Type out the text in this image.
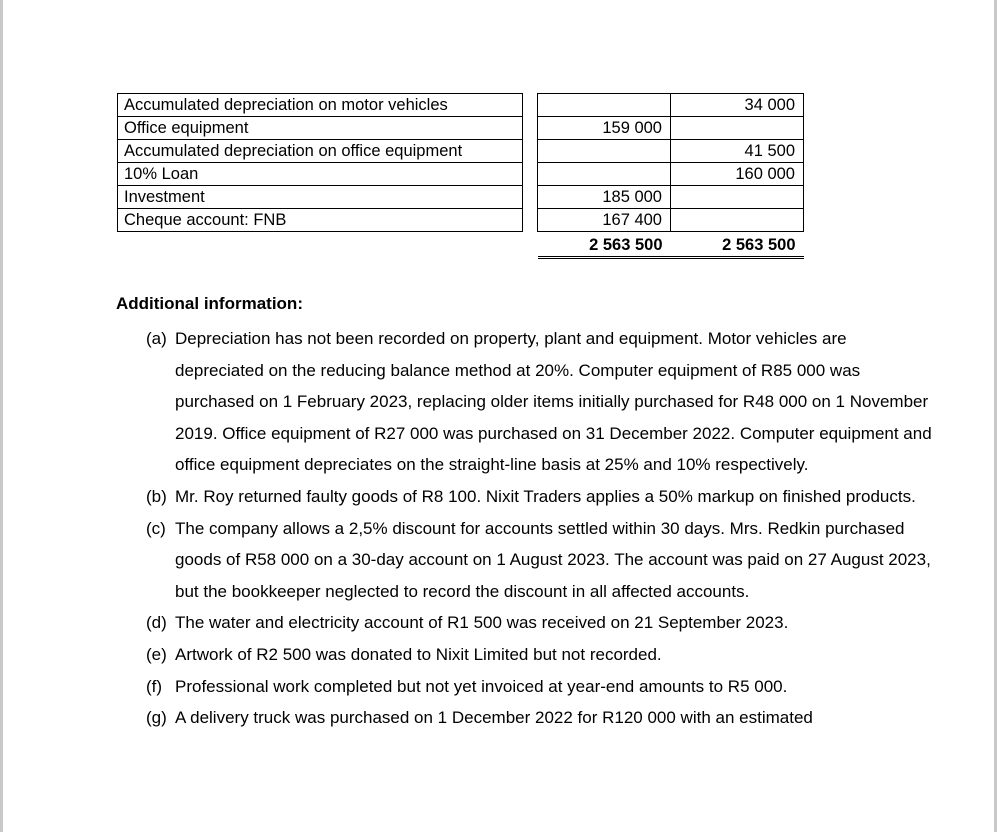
Accumulated depreciation on motor vehicles			34 000
Office equipment		159 000	
Accumulated depreciation on office equipment			41 500
10% Loan			160 000
Investment		185 000	
Cheque account: FNB		167 400	
		2 563 500	2 563 500

Additional information:

(a) Depreciation has not been recorded on property, plant and equipment. Motor vehicles are depreciated on the reducing balance method at 20%. Computer equipment of R85 000 was purchased on 1 February 2023, replacing older items initially purchased for R48 000 on 1 November 2019. Office equipment of R27 000 was purchased on 31 December 2022. Computer equipment and office equipment depreciates on the straight-line basis at 25% and 10% respectively.
(b) Mr. Roy returned faulty goods of R8 100. Nixit Traders applies a 50% markup on finished products.
(c) The company allows a 2,5% discount for accounts settled within 30 days. Mrs. Redkin purchased goods of R58 000 on a 30-day account on 1 August 2023. The account was paid on 27 August 2023, but the bookkeeper neglected to record the discount in all affected accounts.
(d) The water and electricity account of R1 500 was received on 21 September 2023.
(e) Artwork of R2 500 was donated to Nixit Limited but not recorded.
(f) Professional work completed but not yet invoiced at year-end amounts to R5 000.
(g) A delivery truck was purchased on 1 December 2022 for R120 000 with an estimated
